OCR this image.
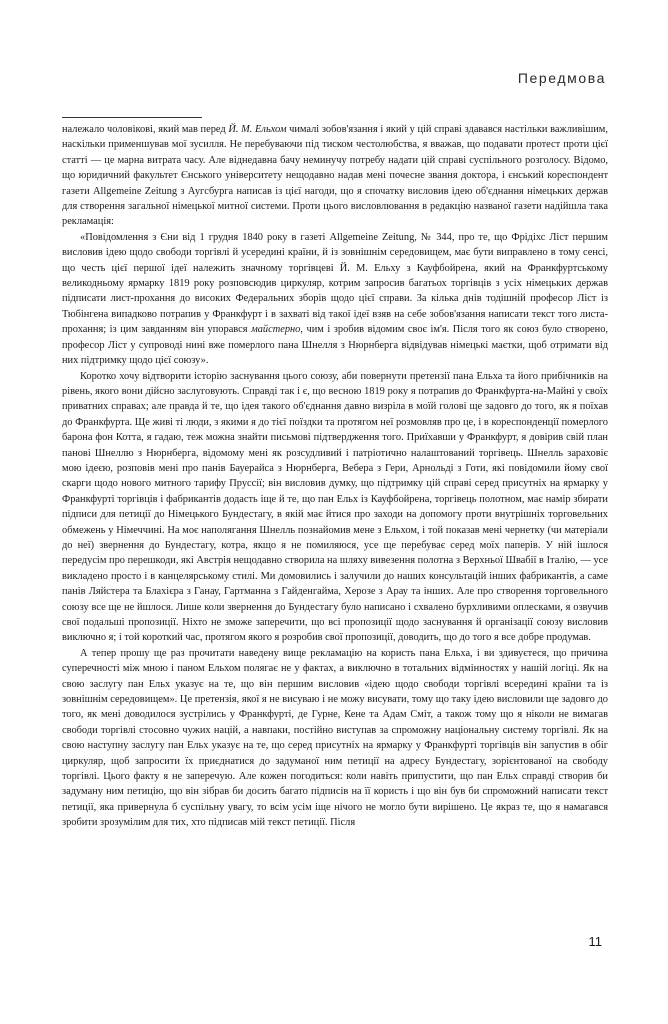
Передмова

належало чоловікові, який мав перед Й. М. Ельхом чималі зобов'язання і який у цій справі здавався настільки важливішим, наскільки применшував мої зусилля. Не перебуваючи під тиском честолюбства, я вважав, що подавати протест проти цієї статті — це марна витрата часу. Але віднедавна бачу неминучу потребу надати цій справі суспільного розголосу. Відомо, що юридичний факультет Єнського університету нещодавно надав мені почесне звання доктора, і єнський кореспондент газети Allgemeine Zeitung з Аугсбурга написав із цієї нагоди, що я спочатку висловив ідею об'єднання німецьких держав для створення загальної німецької митної системи. Проти цього висловлювання в редакцію названої газети надійшла така рекламація:

«Повідомлення з Єни від 1 грудня 1840 року в газеті Allgemeine Zeitung, № 344, про те, що Фрідіхс Ліст першим висловив ідею щодо свободи торгівлі й усередині країни, й із зовнішнім середовищем, має бути виправлено в тому сенсі, що честь цієї першої ідеї належить значному торгівцеві Й. М. Ельху з Кауфбойрена, який на Франкфуртському великодньому ярмарку 1819 року розповсюдив циркуляр, котрим запросив багатьох торгівців з усіх німецьких держав підписати лист-прохання до високих Федеральних зборів щодо цієї справи. За кілька днів тодішній професор Ліст із Тюбінгена випадково потрапив у Франкфурт і в захваті від такої ідеї взяв на себе зобов'язання написати текст того листа-прохання; із цим завданням він упорався майстерно, чим і зробив відомим своє ім'я. Після того як союз було створено, професор Ліст у супроводі нині вже померлого пана Шнелля з Нюрнберга відвідував німецькі маєтки, щоб отримати від них підтримку щодо цієї союзу».

Коротко хочу відтворити історію заснування цього союзу, аби повернути претензії пана Ельха та його прибічників на рівень, якого вони дійсно заслуговують. Справді так і є, що весною 1819 року я потрапив до Франкфурта-на-Майні у своїх приватних справах; але правда й те, що ідея такого об'єднання давно визріла в моїй голові ще задовго до того, як я поїхав до Франкфурта. Ще живі ті люди, з якими я до тієї поїздки та протягом неї розмовляв про це, і в кореспонденції померлого барона фон Котта, я гадаю, теж можна знайти письмові підтвердження того. Приїхавши у Франкфурт, я довірив свій план панові Шнеллю з Нюрнберга, відомому мені як розсудливий і патріотично налаштований торгівець. Шнелль зараховіє мою ідеєю, розповів мені про панів Бауерайса з Нюрнберга, Вебера з Гери, Арнольді з Готи, які повідомили йому свої скарги щодо нового митного тарифу Пруссії; він висловив думку, що підтримку цій справі серед присутніх на ярмарку у Франкфурті торгівців і фабрикантів додасть іще й те, що пан Ельх із Кауфбойрена, торгівець полотном, має намір збирати підписи для петиції до Німецького Бундестагу, в якій має йтися про заходи на допомогу проти внутрішніх торговельних обмежень у Німеччині. На моє наполягання Шнелль познайомив мене з Ельхом, і той показав мені чернетку (чи матеріали до неї) звернення до Бундестагу, котра, якщо я не помиляюся, усе ще перебуває серед моїх паперів. У ній ішлося передусім про перешкоди, які Австрія нещодавно створила на шляху вивезення полотна з Верхньої Швабії в Італію, — усе викладено просто і в канцелярському стилі. Ми домовились і залучили до наших консультацій інших фабрикантів, а саме панів Ляйстера та Блахієра з Ганау, Гартманна з Гайденгайма, Херозе з Арау та інших. Але про створення торговельного союзу все ще не йшлося. Лише коли звернення до Бундестагу було написано і схвалено бурхливими оплесками, я озвучив свої подальші пропозиції. Ніхто не зможе заперечити, що всі пропозиції щодо заснування й організації союзу висловив виключно я; і той короткий час, протягом якого я розробив свої пропозиції, доводить, що до того я все добре продумав.

А тепер прошу ще раз прочитати наведену вище рекламацію на користь пана Ельха, і ви здивуєтеся, що причина суперечності між мною і паном Ельхом полягає не у фактах, а виключно в тотальних відмінностях у нашій логіці. Як на свою заслугу пан Ельх указує на те, що він першим висловив «ідею щодо свободи торгівлі всередині країни та із зовнішнім середовищем». Це претензія, якої я не висуваю і не можу висувати, тому що таку ідею висловили ще задовго до того, як мені доводилося зустрілись у Франкфурті, де Гурне, Кене та Адам Сміт, а також тому що я ніколи не вимагав свободи торгівлі стосовно чужих націй, а навпаки, постійно виступав за спроможну національну систему торгівлі. Як на свою наступну заслугу пан Ельх указує на те, що серед присутніх на ярмарку у Франкфурті торгівців він запустив в обіг циркуляр, щоб запросити їх приєднатися до задуманої ним петиції на адресу Бундестагу, зорієнтованої на свободу торгівлі. Цього факту я не заперечую. Але кожен погодиться: коли навіть припустити, що пан Ельх справді створив би задуману ним петицію, що він зібрав би досить багато підписів на її користь і що він був би спроможний написати текст петиції, яка привернула б суспільну увагу, то всім усім іще нічого не могло бути вирішено. Це якраз те, що я намагався зробити зрозумілим для тих, хто підписав мій текст петиції. Після

11
